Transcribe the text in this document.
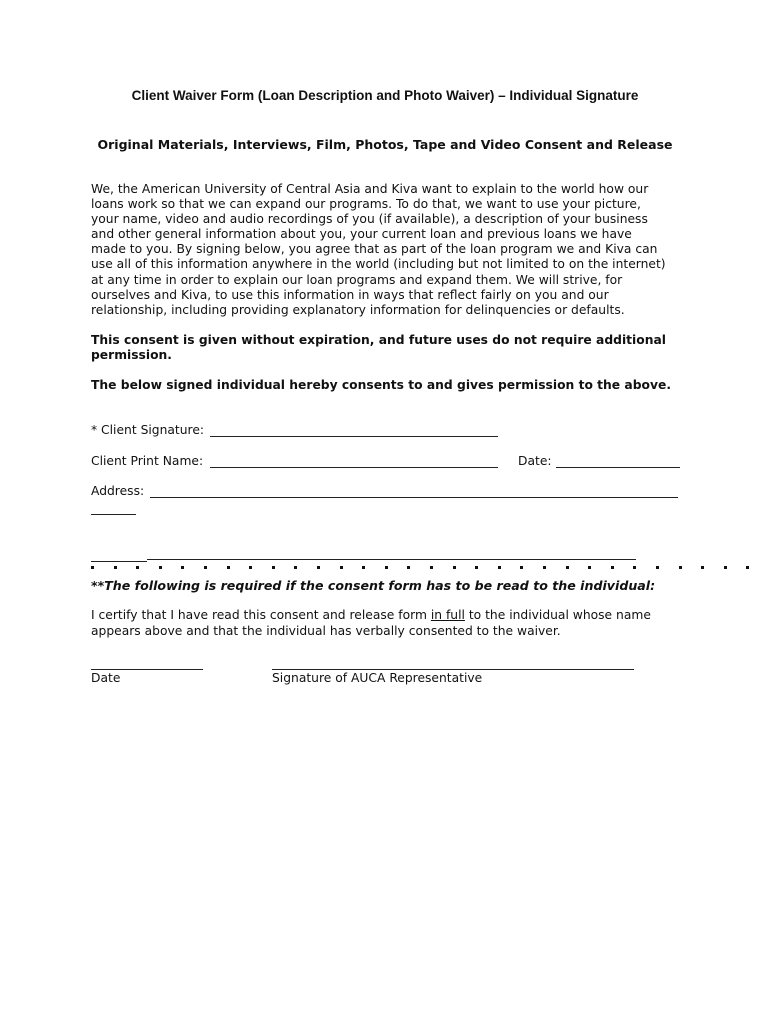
Client Waiver Form (Loan Description and Photo Waiver) – Individual Signature
Original Materials, Interviews, Film, Photos, Tape and Video Consent and Release
We, the American University of Central Asia and Kiva want to explain to the world how our
loans work so that we can expand our programs. To do that, we want to use your picture,
your name, video and audio recordings of you (if available), a description of your business
and other general information about you, your current loan and previous loans we have
made to you. By signing below, you agree that as part of the loan program we and Kiva can
use all of this information anywhere in the world (including but not limited to on the internet)
at any time in order to explain our loan programs and expand them. We will strive, for
ourselves and Kiva, to use this information in ways that reflect fairly on you and our
relationship, including providing explanatory information for delinquencies or defaults.
This consent is given without expiration, and future uses do not require additional permission.
The below signed individual hereby consents to and gives permission to the above.
* Client Signature:
Client Print Name:	Date:
Address:
**The following is required if the consent form has to be read to the individual:
I certify that I have read this consent and release form in full to the individual whose name appears above and that the individual has verbally consented to the waiver.
Date	Signature of AUCA Representative
